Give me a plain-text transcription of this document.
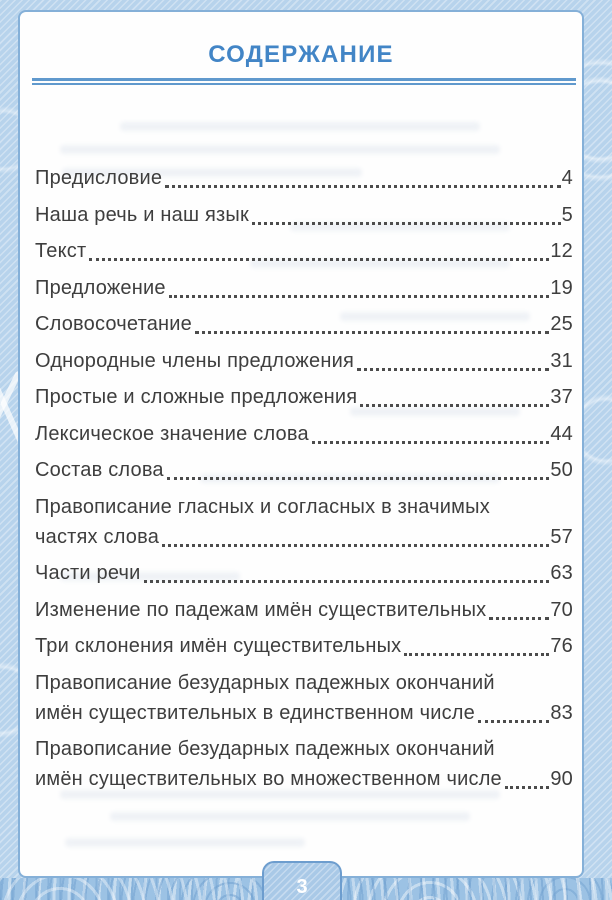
СОДЕРЖАНИЕ
Предисловие	4
Наша речь и наш язык	5
Текст	12
Предложение	19
Словосочетание	25
Однородные члены предложения	31
Простые и сложные предложения	37
Лексическое значение слова	44
Состав слова	50
Правописание гласных и согласных в значимых
частях слова	57
Части речи	63
Изменение по падежам имён существительных	70
Три склонения имён существительных	76
Правописание безударных падежных окончаний
имён существительных в единственном числе	83
Правописание безударных падежных окончаний
имён существительных во множественном числе 90
3
